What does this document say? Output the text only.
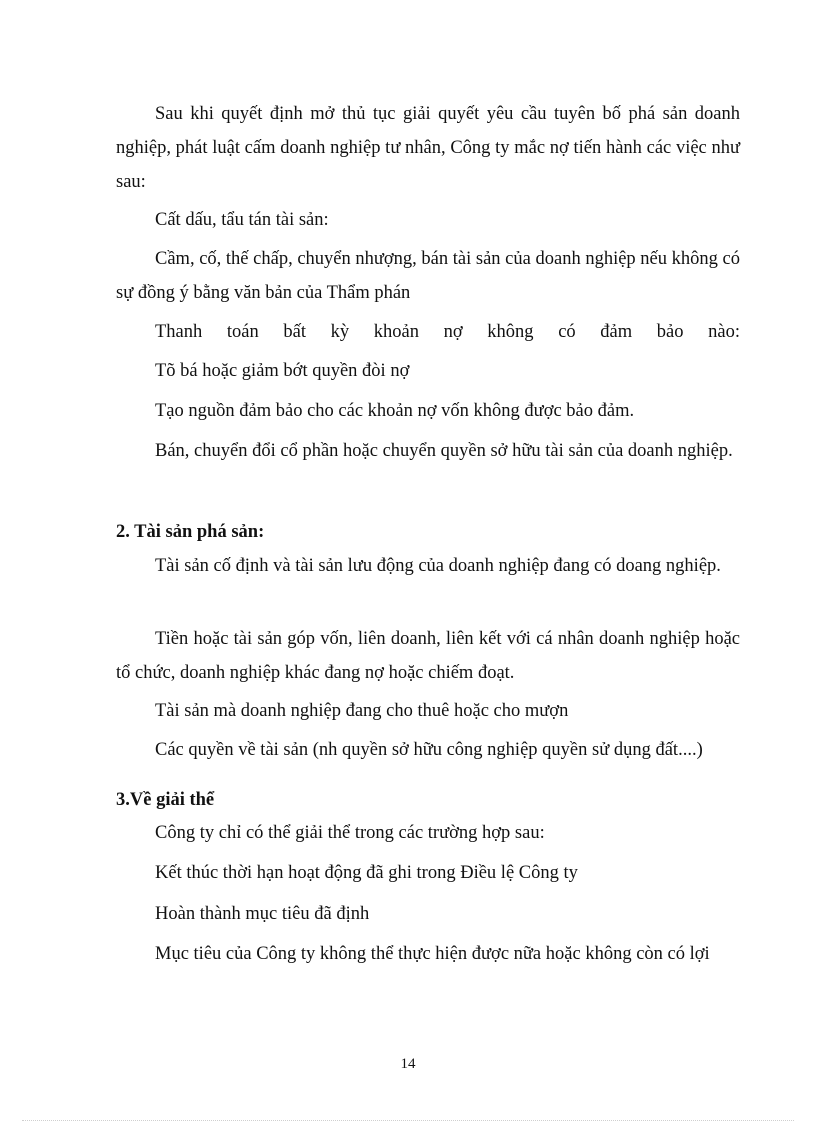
Sau khi quyết định mở thủ tục giải quyết yêu cầu tuyên bố phá sản doanh nghiệp, phát luật cấm doanh nghiệp tư nhân, Công ty mắc nợ tiến hành các việc như sau:

Cất dấu, tẩu tán tài sản:

Cầm, cố, thế chấp, chuyển nhượng, bán tài sản của doanh nghiệp nếu không có sự đồng ý bằng văn bản của Thẩm phán

Thanh toán bất kỳ khoản nợ không có đảm bảo nào:

Tõ bá hoặc giảm bớt quyền đòi nợ

Tạo nguồn đảm bảo cho các khoản nợ vốn không được bảo đảm.

Bán, chuyển đổi cổ phần hoặc chuyển quyền sở hữu tài sản của doanh nghiệp.

2. Tài sản phá sản:

Tài sản cố định và tài sản lưu động của doanh nghiệp đang có doang nghiệp.

Tiền hoặc tài sản góp vốn, liên doanh, liên kết với cá nhân doanh nghiệp hoặc tổ chức, doanh nghiệp khác đang nợ hoặc chiếm đoạt.

Tài sản mà doanh nghiệp đang cho thuê hoặc cho mượn

Các quyền về tài sản (nh quyền sở hữu công nghiệp quyền sử dụng đất....)

3.Về giải thể

Công ty chỉ có thể giải thể trong các trường hợp sau:

Kết thúc thời hạn hoạt động đã ghi trong Điều lệ Công ty

Hoàn thành mục tiêu đã định

Mục tiêu của Công ty không thể thực hiện được nữa hoặc không còn có lợi

14
